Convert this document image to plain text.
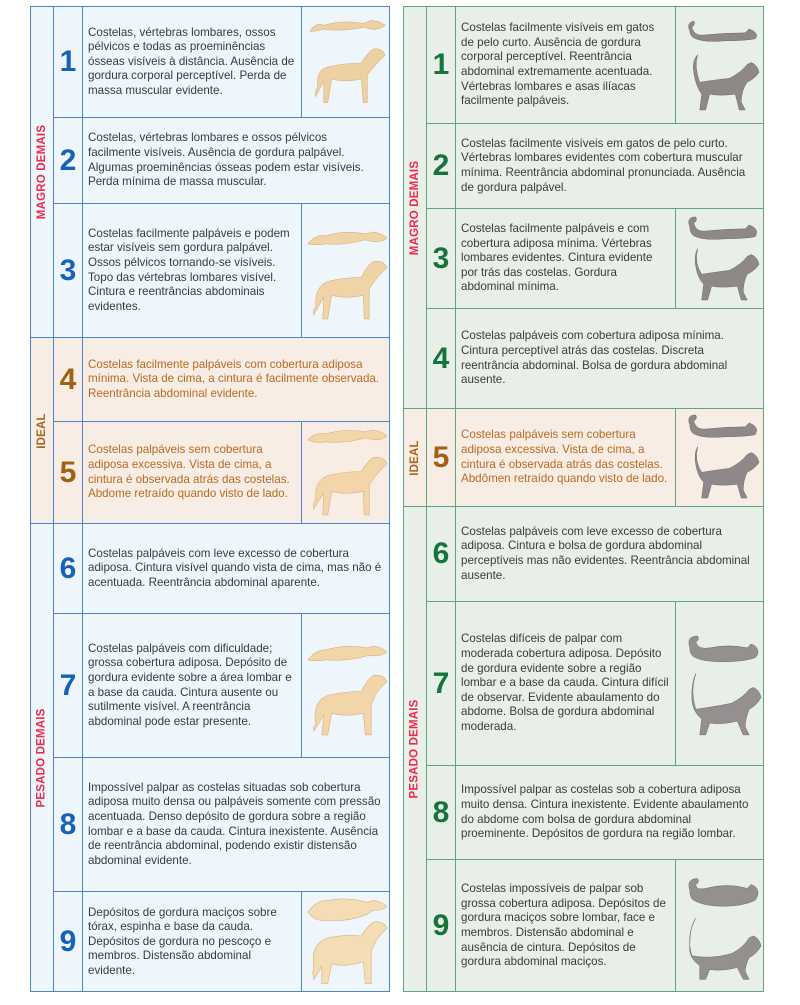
MAGRO DEMAIS
IDEAL
PESADO DEMAIS
1
Costelas, vértebras lombares, ossos pélvicos e todas as proeminências ósseas visíveis à distância. Ausência de gordura corporal perceptível. Perda de massa muscular evidente.
2
Costelas, vértebras lombares e ossos pélvicos facilmente visíveis. Ausência de gordura palpável. Algumas proeminências ósseas podem estar visíveis. Perda mínima de massa muscular.
3
Costelas facilmente palpáveis e podem estar visíveis sem gordura palpável. Ossos pélvicos tornando-se visíveis. Topo das vértebras lombares visível. Cintura e reentrâncias abdominais evidentes.
4	Costelas facilmente palpáveis com cobertura adiposa mínima. Vista de cima, a cintura é facilmente observada. Reentrância abdominal evidente.
5
Costelas palpáveis sem cobertura adiposa excessiva. Vista de cima, a cintura é observada atrás das costelas. Abdome retraído quando visto de lado.
6	Costelas palpáveis com leve excesso de cobertura adiposa. Cintura visível quando vista de cima, mas não é acentuada. Reentrância abdominal aparente.
7
Costelas palpáveis com dificuldade; grossa cobertura adiposa. Depósito de gordura evidente sobre a área lombar e a base da cauda. Cintura ausente ou sutilmente visível. A reentrância abdominal pode estar presente.
8
Impossível palpar as costelas situadas sob cobertura adiposa muito densa ou palpáveis somente com pressão acentuada. Denso depósito de gordura sobre a região lombar e a base da cauda. Cintura inexistente. Ausência de reentrância abdominal, podendo existir distensão abdominal evidente.
9
Depósitos de gordura maciços sobre tórax, espinha e base da cauda. Depósitos de gordura no pescoço e membros. Distensão abdominal evidente.
MAGRO DEMAIS
IDEAL
PESADO DEMAIS
1
Costelas facilmente visíveis em gatos de pelo curto. Ausência de gordura corporal perceptível. Reentrância abdominal extremamente acentuada. Vértebras lombares e asas ilíacas facilmente palpáveis.
2
Costelas facilmente visíveis em gatos de pelo curto. Vértebras lombares evidentes com cobertura muscular mínima. Reentrância abdominal pronunciada. Ausência de gordura palpável.
3
Costelas facilmente palpáveis e com cobertura adiposa mínima. Vértebras lombares evidentes. Cintura evidente por trás das costelas. Gordura abdominal mínima.
4
Costelas palpáveis com cobertura adiposa mínima. Cintura perceptível atrás das costelas. Discreta reentrância abdominal. Bolsa de gordura abdominal ausente.
5
Costelas palpáveis sem cobertura adiposa excessiva. Vista de cima, a cintura é observada atrás das costelas. Abdômen retraído quando visto de lado.
6
Costelas palpáveis com leve excesso de cobertura adiposa. Cintura e bolsa de gordura abdominal perceptíveis mas não evidentes. Reentrância abdominal ausente.
7
Costelas difíceis de palpar com moderada cobertura adiposa. Depósito de gordura evidente sobre a região lombar e a base da cauda. Cintura difícil de observar. Evidente abaulamento do abdome. Bolsa de gordura abdominal moderada.
8
Impossível palpar as costelas sob a cobertura adiposa muito densa. Cintura inexistente. Evidente abaulamento do abdome com bolsa de gordura abdominal proeminente. Depósitos de gordura na região lombar.
9
Costelas impossíveis de palpar sob grossa cobertura adiposa. Depósitos de gordura maciços sobre lombar, face e membros. Distensão abdominal e ausência de cintura. Depósitos de gordura abdominal maciços.
